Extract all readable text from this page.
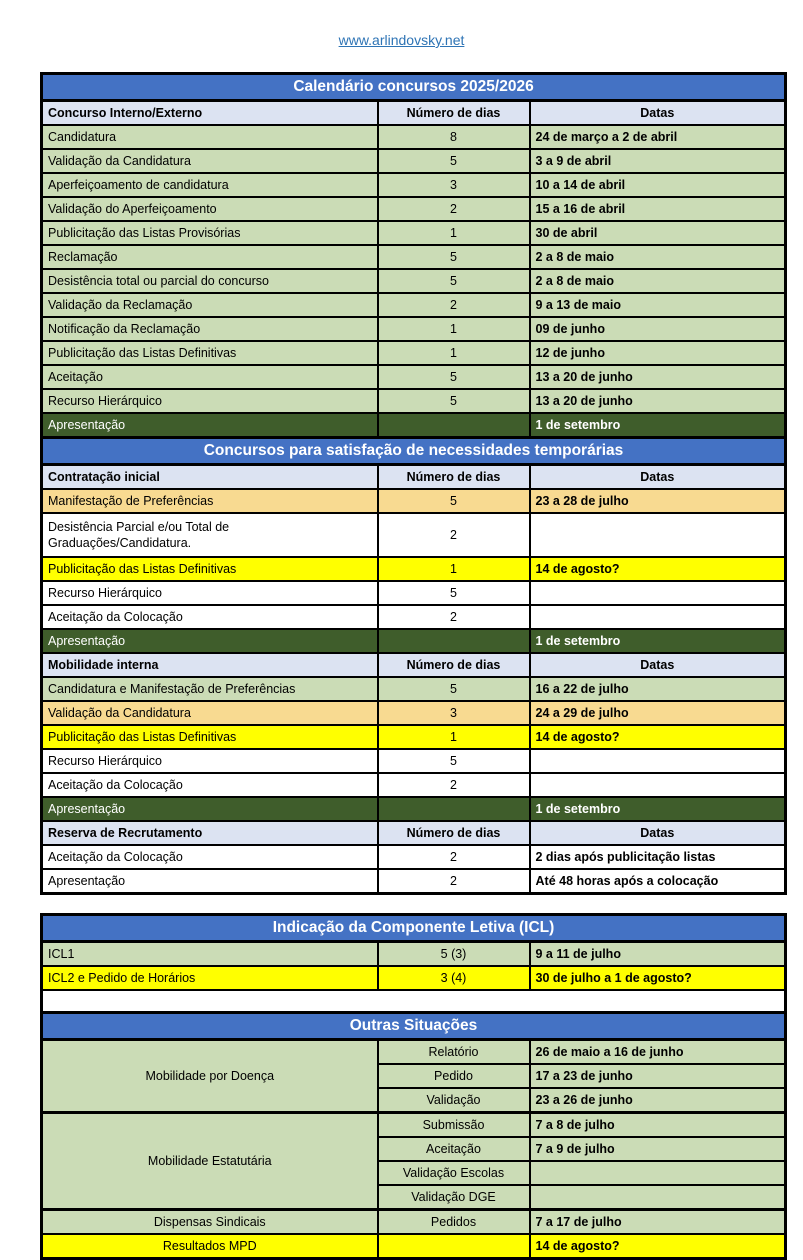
www.arlindovsky.net
Calendário concursos 2025/2026		
Concurso Interno/Externo	Número de dias	Datas
Candidatura	8	24 de março a 2 de abril
Validação da Candidatura	5	3 a 9 de abril
Aperfeiçoamento de candidatura	3	10 a 14 de abril
Validação do Aperfeiçoamento	2	15 a 16 de abril
Publicitação das Listas Provisórias	1	30 de abril
Reclamação	5	2 a 8 de maio
Desistência total ou parcial do concurso	5	2 a 8 de maio
Validação da Reclamação	2	9 a 13 de maio
Notificação da Reclamação	1	09 de junho
Publicitação das Listas Definitivas	1	12 de junho
Aceitação	5	13 a 20 de junho
Recurso Hierárquico	5	13 a 20 de junho
Apresentação		1 de setembro
Concursos para satisfação de necessidades temporárias		
Contratação inicial	Número de dias	Datas
Manifestação de Preferências	5	23 a 28 de julho
Desistência Parcial e/ou Total de Graduações/Candidatura.	2	
Publicitação das Listas Definitivas	1	14 de agosto?
Recurso Hierárquico	5	
Aceitação da Colocação	2	
Apresentação		1 de setembro
Mobilidade interna	Número de dias	Datas
Candidatura e Manifestação de Preferências	5	16 a 22 de julho
Validação da Candidatura	3	24 a 29 de julho
Publicitação das Listas Definitivas	1	14 de agosto?
Recurso Hierárquico	5	
Aceitação da Colocação	2	
Apresentação		1 de setembro
Reserva de Recrutamento	Número de dias	Datas
Aceitação da Colocação	2	2 dias após publicitação listas
Apresentação	2	Até 48 horas após a colocação
Indicação da Componente Letiva (ICL)		
ICL1	5 (3)	9 a 11 de julho
ICL2 e Pedido de Horários	3 (4)	30 de julho a 1 de agosto?

Outras Situações		
Mobilidade por Doença	Relatório	26 de maio a 16 de junho
	Pedido	17 a 23 de junho
	Validação	23 a 26 de junho
Mobilidade Estatutária	Submissão	7 a 8 de julho
	Aceitação	7 a 9 de julho
	Validação Escolas	
	Validação DGE	
Dispensas Sindicais	Pedidos	7 a 17 de julho
Resultados MPD		14 de agosto?
